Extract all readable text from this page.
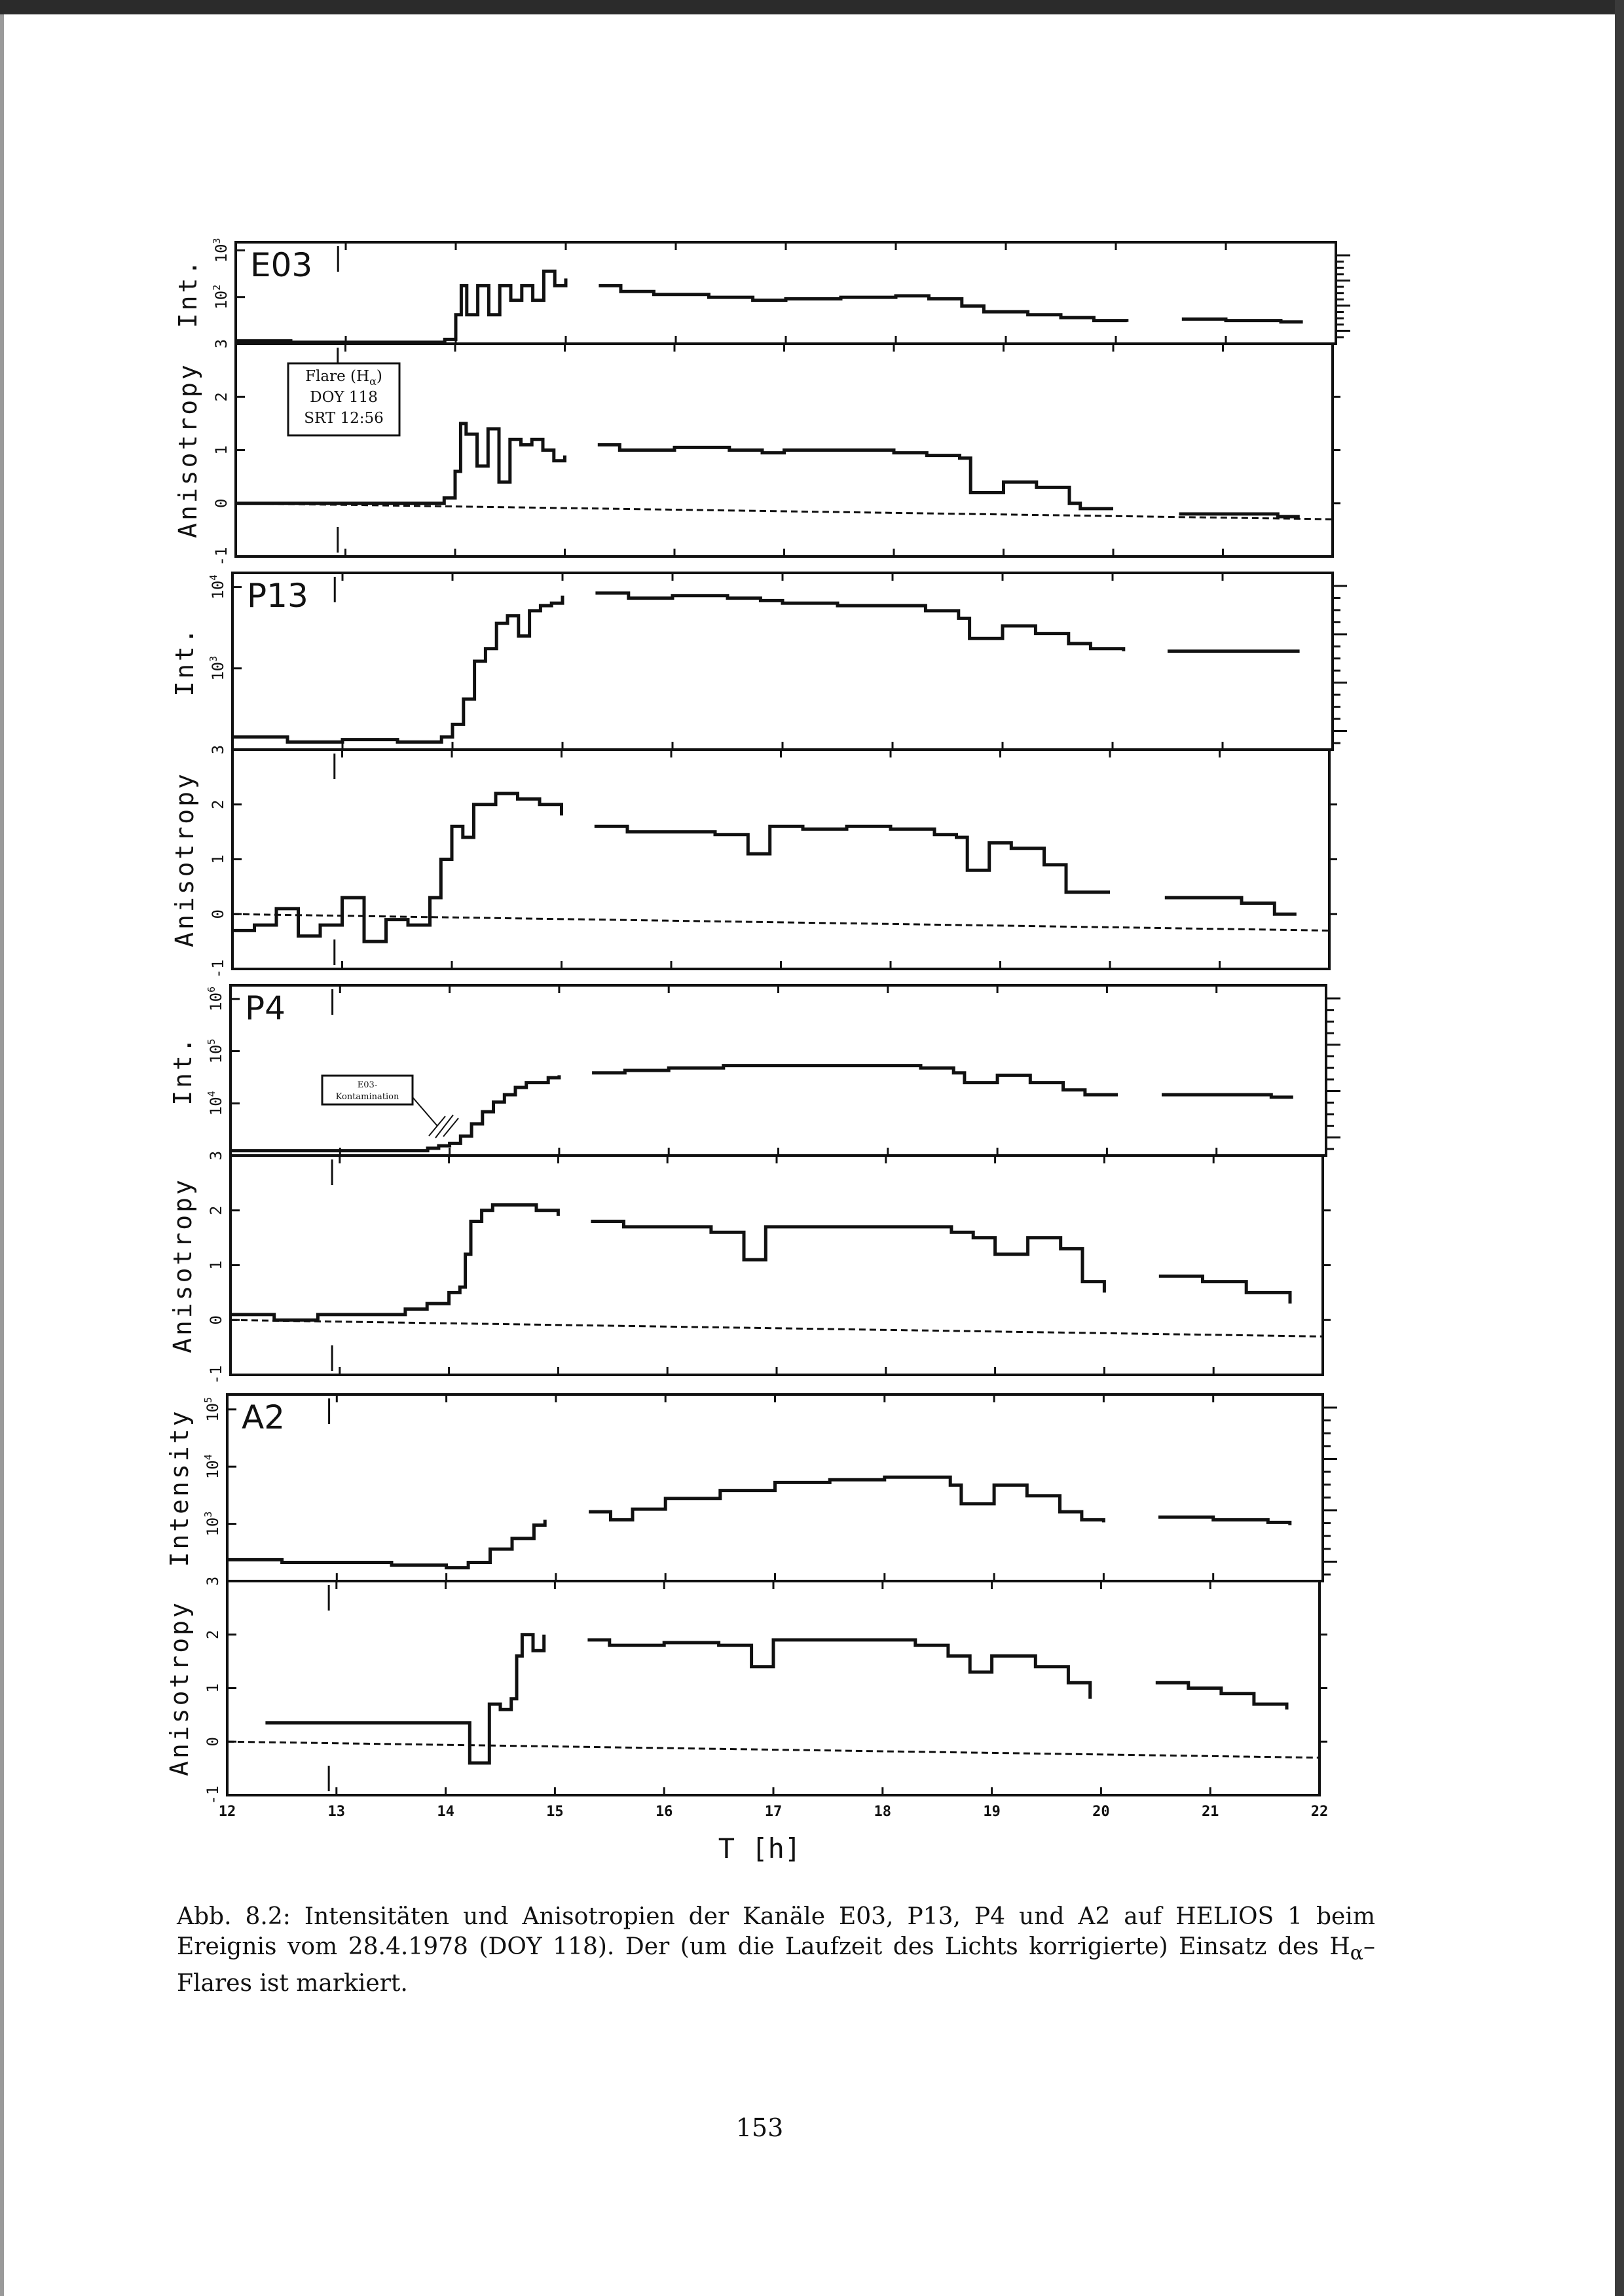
3
$10^2$
$10^3$
Int. E03
-1
0
1
2
Anisotropy
3
$10^3$
$10^4$
Int.
P13
-1
0
1
2
Anisotropy
3
$10^4$
$10^5$
$10^6$
Int.
P4
-1
0
1
2
Anisotropy
3
$10^3$
$10^4$
$10^5$
Intensity A2
-1
0
1
2
Anisotropy
12	13	14	15	16	17	18	19	20	21	22
Flare $(H_\alpha)$
DOY 118
SRT 12:56
E03-
Kontamination
T [h]
Abb. 8.2: Intensitäten und Anisotropien der Kanäle E03, P13, P4 und A2 auf HELIOS 1 beim Ereignis vom 28.4.1978 (DOY 118). Der (um die Laufzeit des Lichts korrigierte) Einsatz des $H_\alpha$–Flares ist markiert.
153
